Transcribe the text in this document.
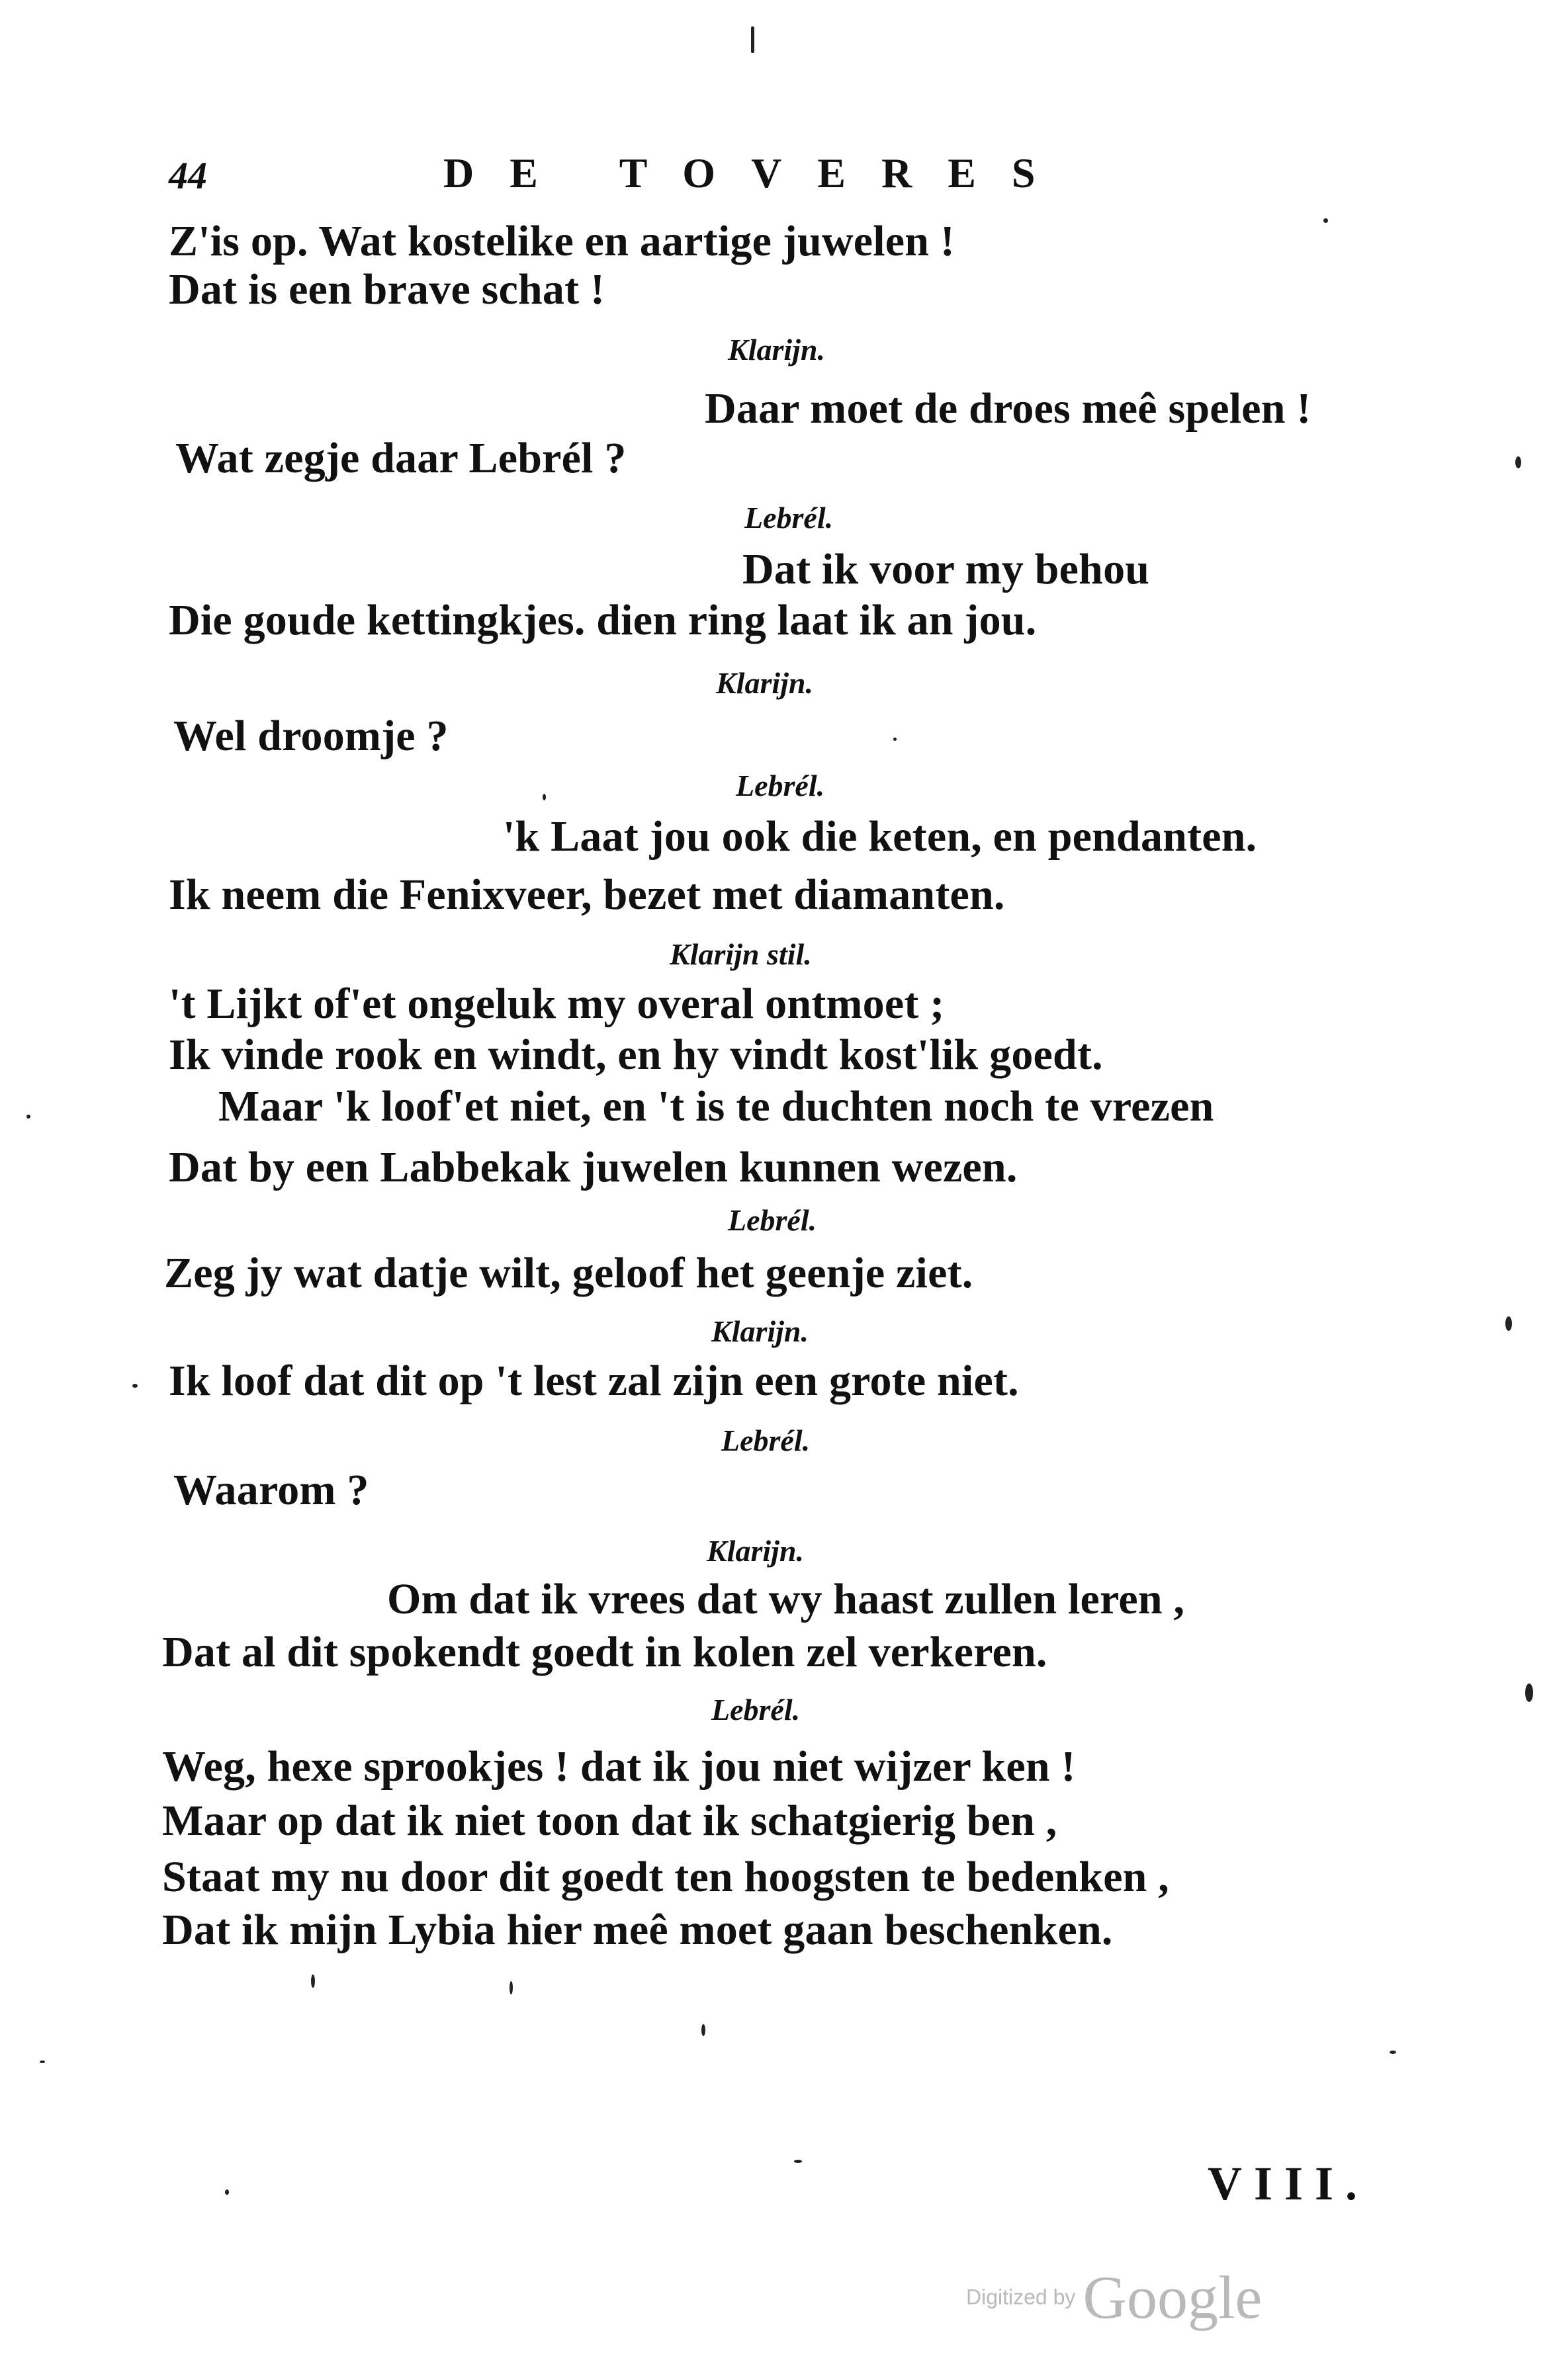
44	DE TOVERES
Z'is op. Wat kostelike en aartige juwelen !
Dat is een brave schat !
Klarijn.
Daar moet de droes meê spelen !
Wat zegje daar Lebrél ?
Lebrél.
Dat ik voor my behou
Die goude kettingkjes. dien ring laat ik an jou.
Klarijn.
Wel droomje ?
Lebrél.
'k Laat jou ook die keten, en pendanten.
Ik neem die Fenixveer, bezet met diamanten.
Klarijn stil.
't Lijkt of'et ongeluk my overal ontmoet ;
Ik vinde rook en windt, en hy vindt kost'lik goedt.
Maar 'k loof'et niet, en 't is te duchten noch te vrezen
Dat by een Labbekak juwelen kunnen wezen.
Lebrél.
Zeg jy wat datje wilt, geloof het geenje ziet.
Klarijn.
Ik loof dat dit op 't lest zal zijn een grote niet.
Lebrél.
Waarom ?
Klarijn.
Om dat ik vrees dat wy haast zullen leren ,
Dat al dit spokendt goedt in kolen zel verkeren.
Lebrél.
Weg, hexe sprookjes ! dat ik jou niet wijzer ken !
Maar op dat ik niet toon dat ik schatgierig ben ,
Staat my nu door dit goedt ten hoogsten te bedenken ,
Dat ik mijn Lybia hier meê moet gaan beschenken.
VIII.
Digitized by Google
